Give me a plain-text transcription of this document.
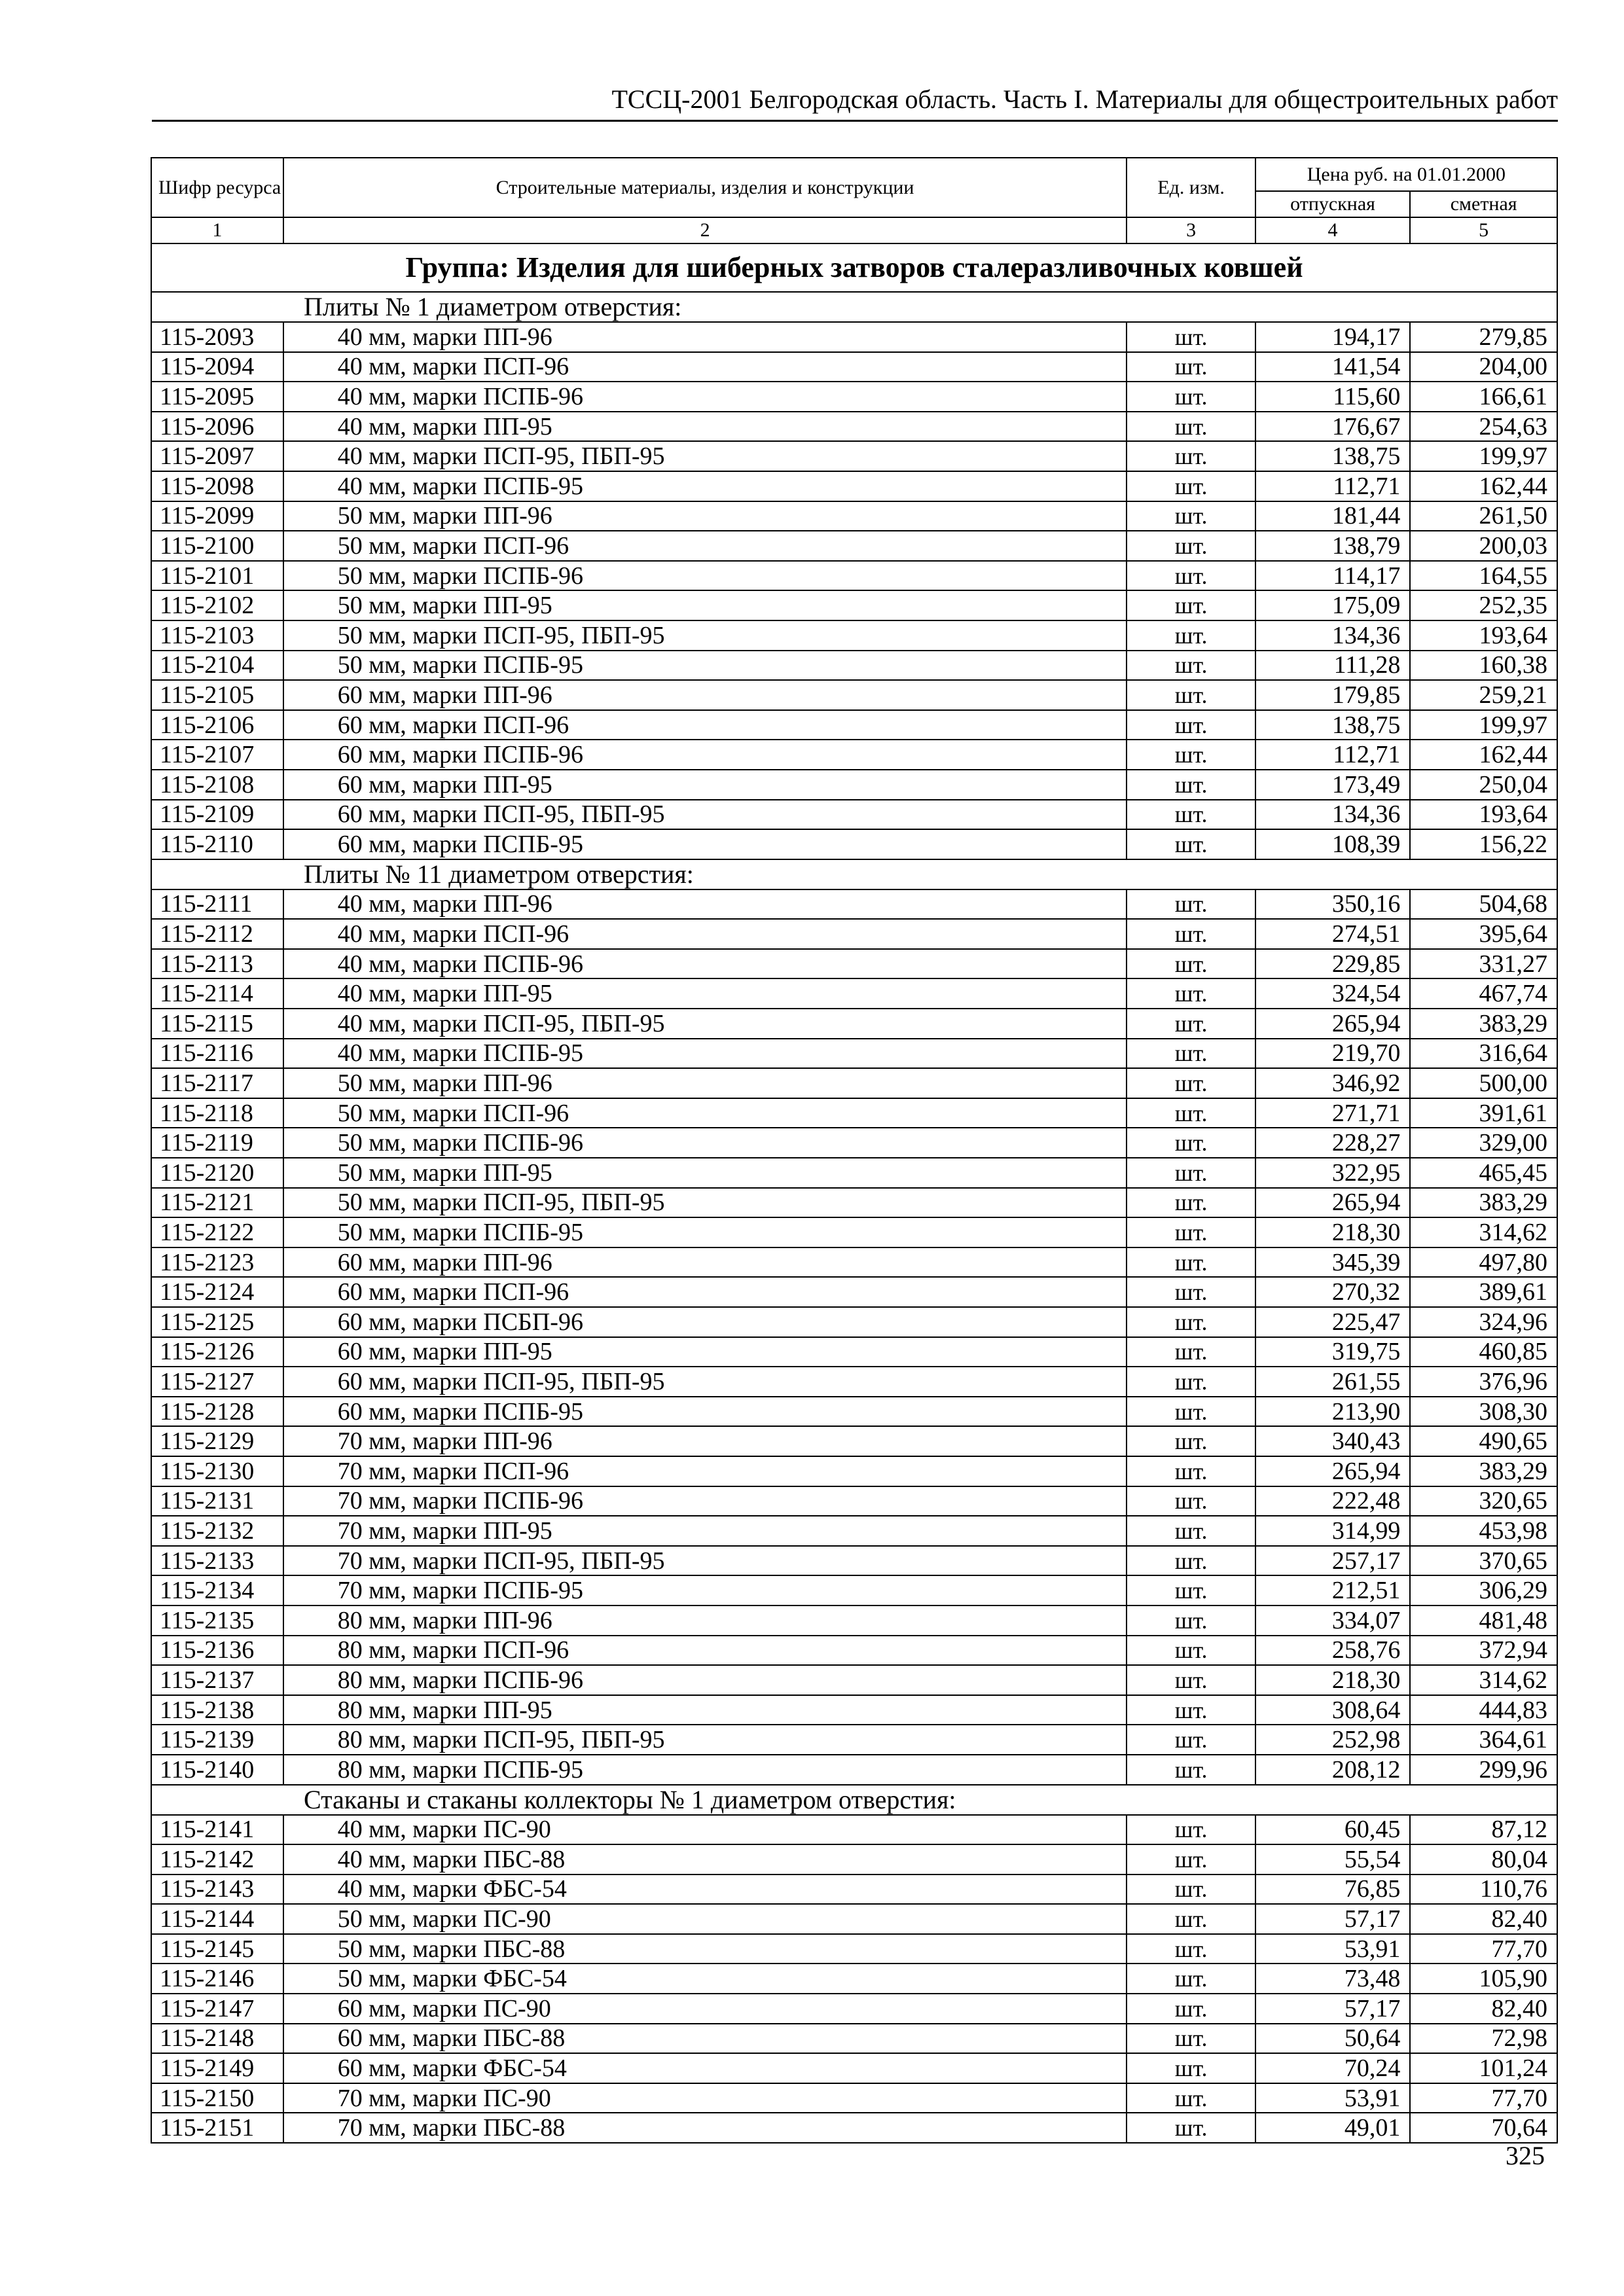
ТССЦ-2001 Белгородская область. Часть I. Материалы для общестроительных работ
Шифр ресурса	Строительные материалы, изделия и конструкции	Ед. изм.	Цена руб. на 01.01.2000	
			отпускная	сметная
1	2	3	4	5
Группа: Изделия для шиберных затворов сталеразливочных ковшей				
Плиты № 1 диаметром отверстия:				
115-2093	40 мм, марки ПП-96	шт.	194,17	279,85
115-2094	40 мм, марки ПСП-96	шт.	141,54	204,00
115-2095	40 мм, марки ПСПБ-96	шт.	115,60	166,61
115-2096	40 мм, марки ПП-95	шт.	176,67	254,63
115-2097	40 мм, марки ПСП-95, ПБП-95	шт.	138,75	199,97
115-2098	40 мм, марки ПСПБ-95	шт.	112,71	162,44
115-2099	50 мм, марки ПП-96	шт.	181,44	261,50
115-2100	50 мм, марки ПСП-96	шт.	138,79	200,03
115-2101	50 мм, марки ПСПБ-96	шт.	114,17	164,55
115-2102	50 мм, марки ПП-95	шт.	175,09	252,35
115-2103	50 мм, марки ПСП-95, ПБП-95	шт.	134,36	193,64
115-2104	50 мм, марки ПСПБ-95	шт.	111,28	160,38
115-2105	60 мм, марки ПП-96	шт.	179,85	259,21
115-2106	60 мм, марки ПСП-96	шт.	138,75	199,97
115-2107	60 мм, марки ПСПБ-96	шт.	112,71	162,44
115-2108	60 мм, марки ПП-95	шт.	173,49	250,04
115-2109	60 мм, марки ПСП-95, ПБП-95	шт.	134,36	193,64
115-2110	60 мм, марки ПСПБ-95	шт.	108,39	156,22
Плиты № 11 диаметром отверстия:				
115-2111	40 мм, марки ПП-96	шт.	350,16	504,68
115-2112	40 мм, марки ПСП-96	шт.	274,51	395,64
115-2113	40 мм, марки ПСПБ-96	шт.	229,85	331,27
115-2114	40 мм, марки ПП-95	шт.	324,54	467,74
115-2115	40 мм, марки ПСП-95, ПБП-95	шт.	265,94	383,29
115-2116	40 мм, марки ПСПБ-95	шт.	219,70	316,64
115-2117	50 мм, марки ПП-96	шт.	346,92	500,00
115-2118	50 мм, марки ПСП-96	шт.	271,71	391,61
115-2119	50 мм, марки ПСПБ-96	шт.	228,27	329,00
115-2120	50 мм, марки ПП-95	шт.	322,95	465,45
115-2121	50 мм, марки ПСП-95, ПБП-95	шт.	265,94	383,29
115-2122	50 мм, марки ПСПБ-95	шт.	218,30	314,62
115-2123	60 мм, марки ПП-96	шт.	345,39	497,80
115-2124	60 мм, марки ПСП-96	шт.	270,32	389,61
115-2125	60 мм, марки ПСБП-96	шт.	225,47	324,96
115-2126	60 мм, марки ПП-95	шт.	319,75	460,85
115-2127	60 мм, марки ПСП-95, ПБП-95	шт.	261,55	376,96
115-2128	60 мм, марки ПСПБ-95	шт.	213,90	308,30
115-2129	70 мм, марки ПП-96	шт.	340,43	490,65
115-2130	70 мм, марки ПСП-96	шт.	265,94	383,29
115-2131	70 мм, марки ПСПБ-96	шт.	222,48	320,65
115-2132	70 мм, марки ПП-95	шт.	314,99	453,98
115-2133	70 мм, марки ПСП-95, ПБП-95	шт.	257,17	370,65
115-2134	70 мм, марки ПСПБ-95	шт.	212,51	306,29
115-2135	80 мм, марки ПП-96	шт.	334,07	481,48
115-2136	80 мм, марки ПСП-96	шт.	258,76	372,94
115-2137	80 мм, марки ПСПБ-96	шт.	218,30	314,62
115-2138	80 мм, марки ПП-95	шт.	308,64	444,83
115-2139	80 мм, марки ПСП-95, ПБП-95	шт.	252,98	364,61
115-2140	80 мм, марки ПСПБ-95	шт.	208,12	299,96
Стаканы и стаканы коллекторы № 1 диаметром отверстия:				
115-2141	40 мм, марки ПС-90	шт.	60,45	87,12
115-2142	40 мм, марки ПБС-88	шт.	55,54	80,04
115-2143	40 мм, марки ФБС-54	шт.	76,85	110,76
115-2144	50 мм, марки ПС-90	шт.	57,17	82,40
115-2145	50 мм, марки ПБС-88	шт.	53,91	77,70
115-2146	50 мм, марки ФБС-54	шт.	73,48	105,90
115-2147	60 мм, марки ПС-90	шт.	57,17	82,40
115-2148	60 мм, марки ПБС-88	шт.	50,64	72,98
115-2149	60 мм, марки ФБС-54	шт.	70,24	101,24
115-2150	70 мм, марки ПС-90	шт.	53,91	77,70
115-2151	70 мм, марки ПБС-88	шт.	49,01	70,64
325
